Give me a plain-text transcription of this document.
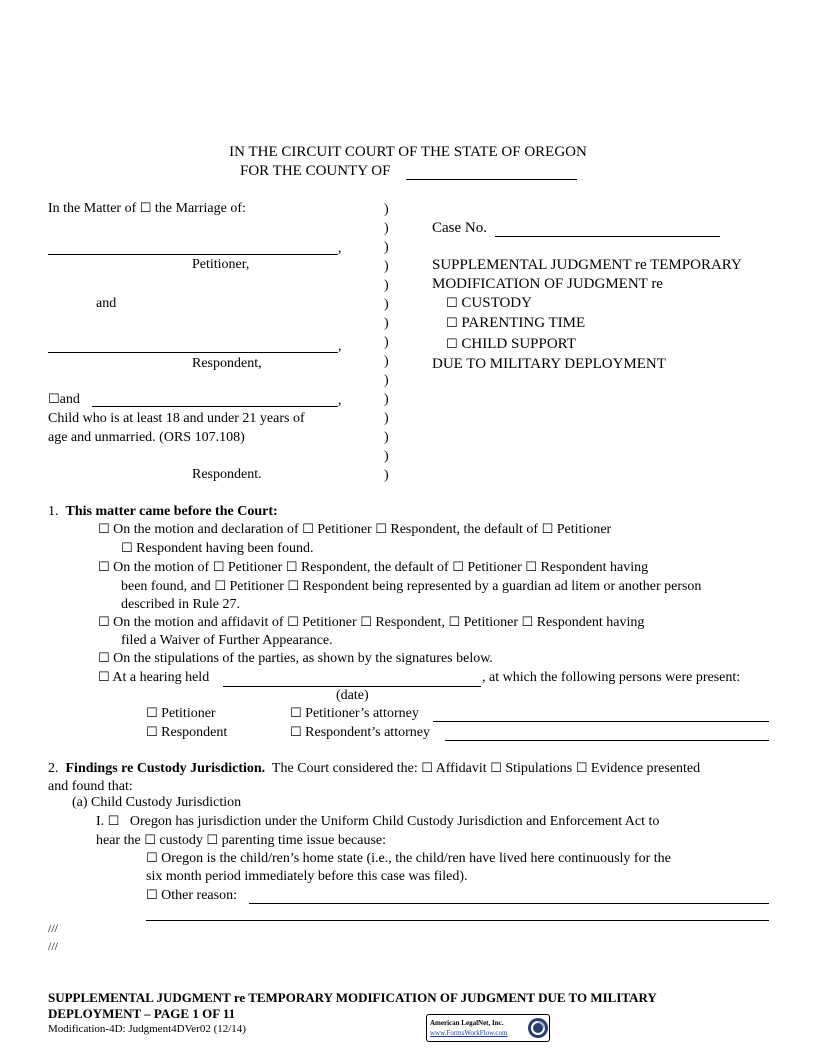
IN THE CIRCUIT COURT OF THE STATE OF OREGON
FOR THE COUNTY OF
In the Matter of ☐ the Marriage of:
,
Petitioner,
and
,
Respondent,
☐and	,
Child who is at least 18 and under 21 years of
age and unmarried. (ORS 107.108)
Respondent.
)
)
)
)
)
)
)
)
)
)
)
)
)
)
)
Case No.
SUPPLEMENTAL JUDGMENT re TEMPORARY
MODIFICATION OF JUDGMENT re
☐ CUSTODY
☐ PARENTING TIME
☐ CHILD SUPPORT
DUE TO MILITARY DEPLOYMENT
1. This matter came before the Court:
☐ On the motion and declaration of ☐ Petitioner ☐ Respondent, the default of ☐ Petitioner
☐ Respondent having been found.
☐ On the motion of ☐ Petitioner ☐ Respondent, the default of ☐ Petitioner ☐ Respondent having
been found, and ☐ Petitioner ☐ Respondent being represented by a guardian ad litem or another person
described in Rule 27.
☐ On the motion and affidavit of ☐ Petitioner ☐ Respondent, ☐ Petitioner ☐ Respondent having
filed a Waiver of Further Appearance.
☐ On the stipulations of the parties, as shown by the signatures below.
☐ At a hearing held	, at which the following persons were present:
(date)
☐ Petitioner	☐ Petitioner’s attorney
☐ Respondent	☐ Respondent’s attorney
2. Findings re Custody Jurisdiction. The Court considered the: ☐ Affidavit ☐ Stipulations ☐ Evidence presented
and found that:
(a) Child Custody Jurisdiction
I. ☐ Oregon has jurisdiction under the Uniform Child Custody Jurisdiction and Enforcement Act to
hear the ☐ custody ☐ parenting time issue because:
☐ Oregon is the child/ren’s home state (i.e., the child/ren have lived here continuously for the
six month period immediately before this case was filed).
☐ Other reason:
///
///
SUPPLEMENTAL JUDGMENT re TEMPORARY MODIFICATION OF JUDGMENT DUE TO MILITARY
DEPLOYMENT – PAGE 1 OF 11
Modification-4D: Judgment4DVer02 (12/14)	American LegalNet, Inc.
www.FormsWorkFlow.com
